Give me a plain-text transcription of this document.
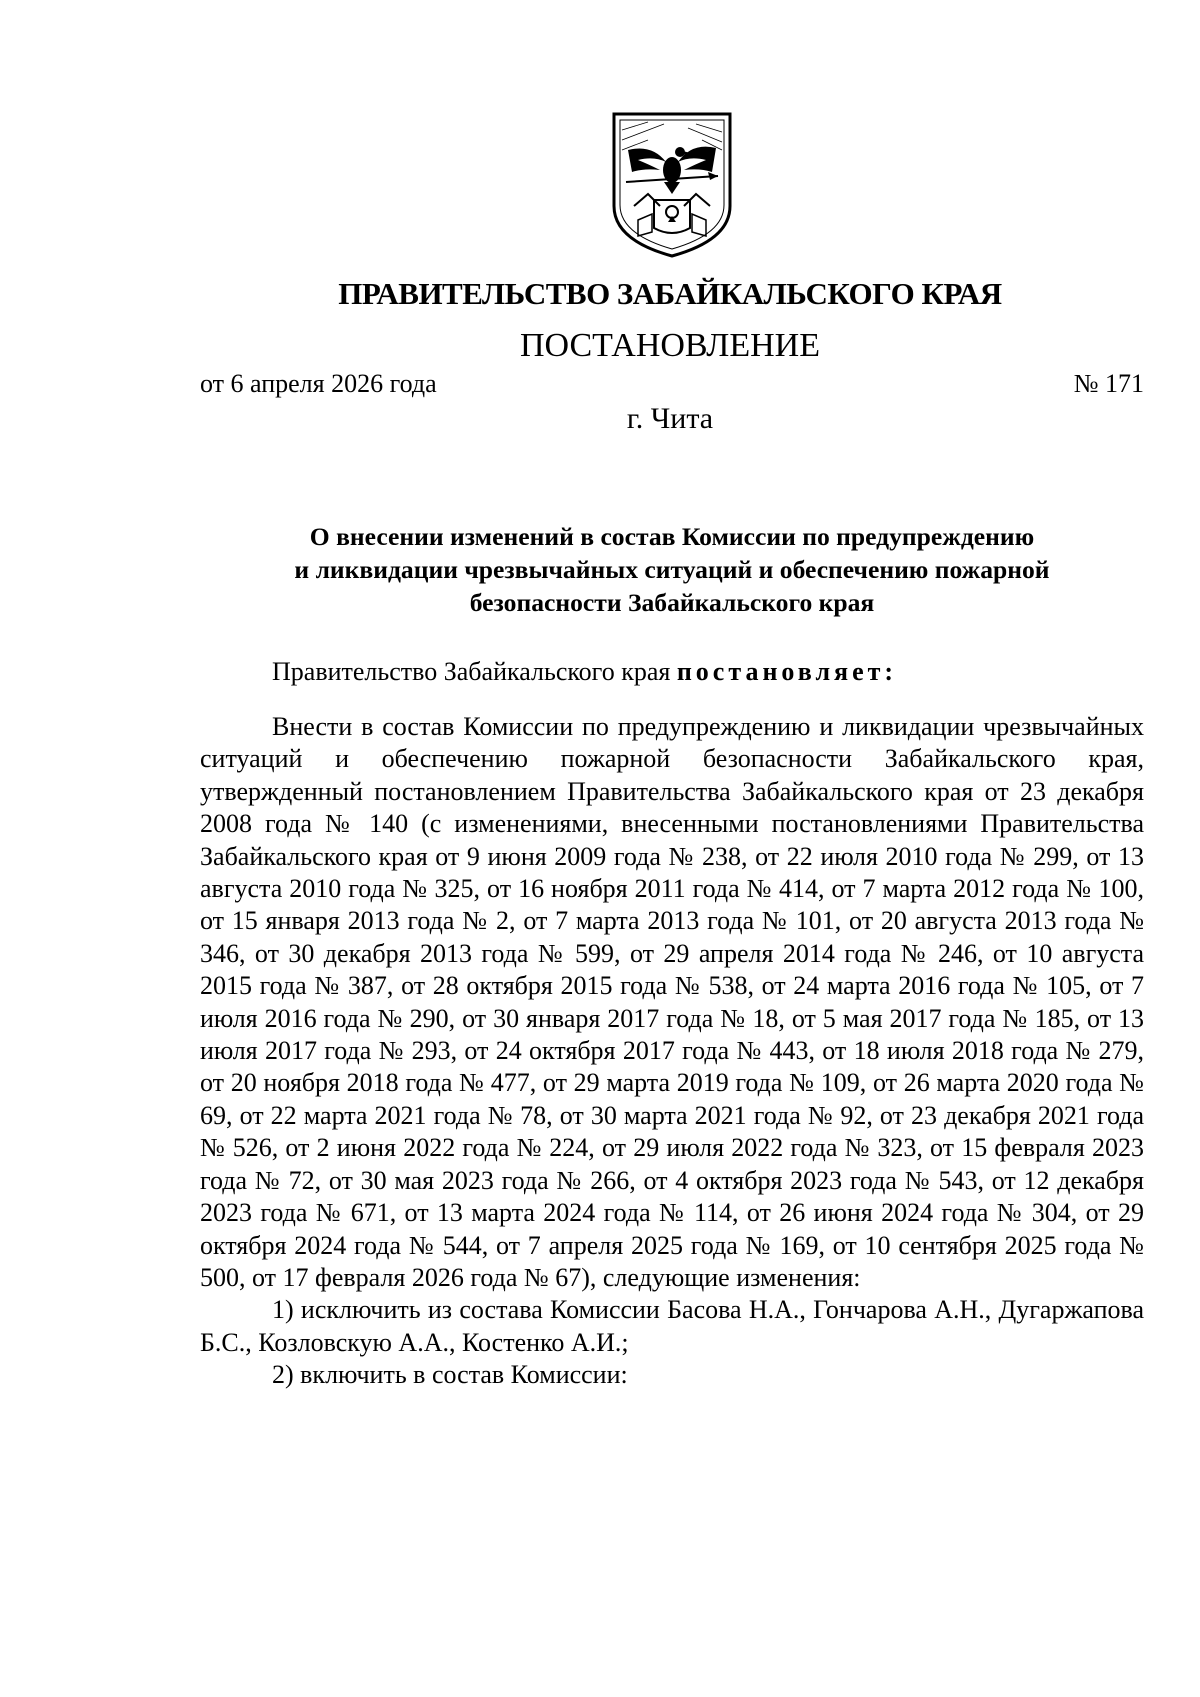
ПРАВИТЕЛЬСТВО ЗАБАЙКАЛЬСКОГО КРАЯ
ПОСТАНОВЛЕНИЕ
от 6 апреля 2026 года	№ 171
г. Чита
О внесении изменений в состав Комиссии по предупреждению
и ликвидации чрезвычайных ситуаций и обеспечению пожарной
безопасности Забайкальского края
Правительство Забайкальского края постановляет:

Внести в состав Комиссии по предупреждению и ликвидации чрезвычайных ситуаций и обеспечению пожарной безопасности Забайкальского края, утвержденный постановлением Правительства Забайкальского края от 23 декабря 2008 года № 140 (с изменениями, внесенными постановлениями Правительства Забайкальского края от 9 июня 2009 года № 238, от 22 июля 2010 года № 299, от 13 августа 2010 года № 325, от 16 ноября 2011 года № 414, от 7 марта 2012 года № 100, от 15 января 2013 года № 2, от 7 марта 2013 года № 101, от 20 августа 2013 года № 346, от 30 декабря 2013 года № 599, от 29 апреля 2014 года № 246, от 10 августа 2015 года № 387, от 28 октября 2015 года № 538, от 24 марта 2016 года № 105, от 7 июля 2016 года № 290, от 30 января 2017 года № 18, от 5 мая 2017 года № 185, от 13 июля 2017 года № 293, от 24 октября 2017 года № 443, от 18 июля 2018 года № 279, от 20 ноября 2018 года № 477, от 29 марта 2019 года № 109, от 26 марта 2020 года № 69, от 22 марта 2021 года № 78, от 30 марта 2021 года № 92, от 23 декабря 2021 года № 526, от 2 июня 2022 года № 224, от 29 июля 2022 года № 323, от 15 февраля 2023 года № 72, от 30 мая 2023 года № 266, от 4 октября 2023 года № 543, от 12 декабря 2023 года № 671, от 13 марта 2024 года № 114, от 26 июня 2024 года № 304, от 29 октября 2024 года № 544, от 7 апреля 2025 года № 169, от 10 сентября 2025 года № 500, от 17 февраля 2026 года № 67), следующие изменения:

1) исключить из состава Комиссии Басова Н.А., Гончарова А.Н., Дугаржапова Б.С., Козловскую А.А., Костенко А.И.;

2) включить в состав Комиссии:
